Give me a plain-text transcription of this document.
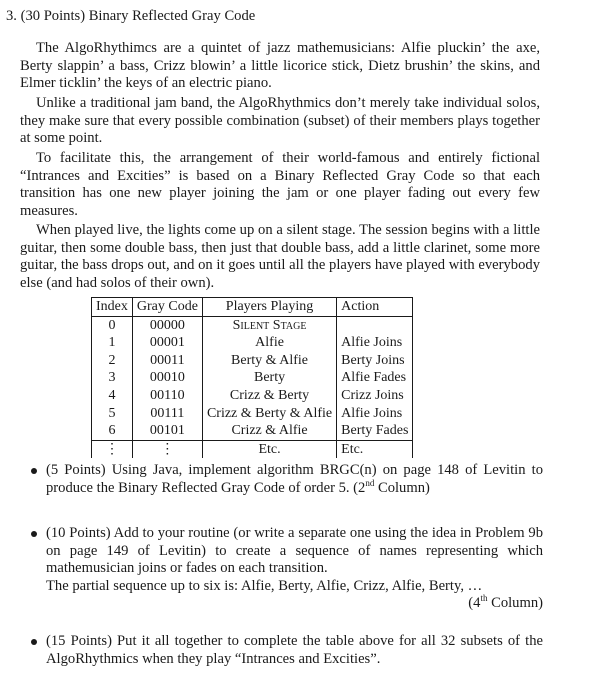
3. (30 Points) Binary Reflected Gray Code
The AlgoRhythimcs are a quintet of jazz mathemusicians: Alfie pluckin’ the axe, Berty slappin’ a bass, Crizz blowin’ a little licorice stick, Dietz brushin’ the skins, and Elmer ticklin’ the keys of an electric piano.
Unlike a traditional jam band, the AlgoRhythmics don’t merely take individual solos, they make sure that every possible combination (subset) of their members plays together at some point.
To facilitate this, the arrangement of their world-famous and entirely fictional “Intrances and Excities” is based on a Binary Reflected Gray Code so that each transition has one new player joining the jam or one player fading out every few measures.
When played live, the lights come up on a silent stage. The session begins with a little guitar, then some double bass, then just that double bass, add a little clarinet, some more guitar, the bass drops out, and on it goes until all the players have played with everybody else (and had solos of their own).
Index	Gray Code	Players Playing	Action
0	00000	Silent Stage	
1	00001	Alfie	Alfie Joins
2	00011	Berty & Alfie	Berty Joins
3	00010	Berty	Alfie Fades
4	00110	Crizz & Berty	Crizz Joins
5	00111	Crizz & Berty & Alfie	Alfie Joins
6	00101	Crizz & Alfie	Berty Fades
⋮	⋮	Etc.	Etc.
(5 Points) Using Java, implement algorithm BRGC(n) on page 148 of Levitin to produce the Binary Reflected Gray Code of order 5. (2nd Column)
(10 Points) Add to your routine (or write a separate one using the idea in Problem 9b on page 149 of Levitin) to create a sequence of names representing which mathemusician joins or fades on each transition.
The partial sequence up to six is: Alfie, Berty, Alfie, Crizz, Alfie, Berty, …
(4th Column)
(15 Points) Put it all together to complete the table above for all 32 subsets of the AlgoRhythmics when they play “Intrances and Excities”.
